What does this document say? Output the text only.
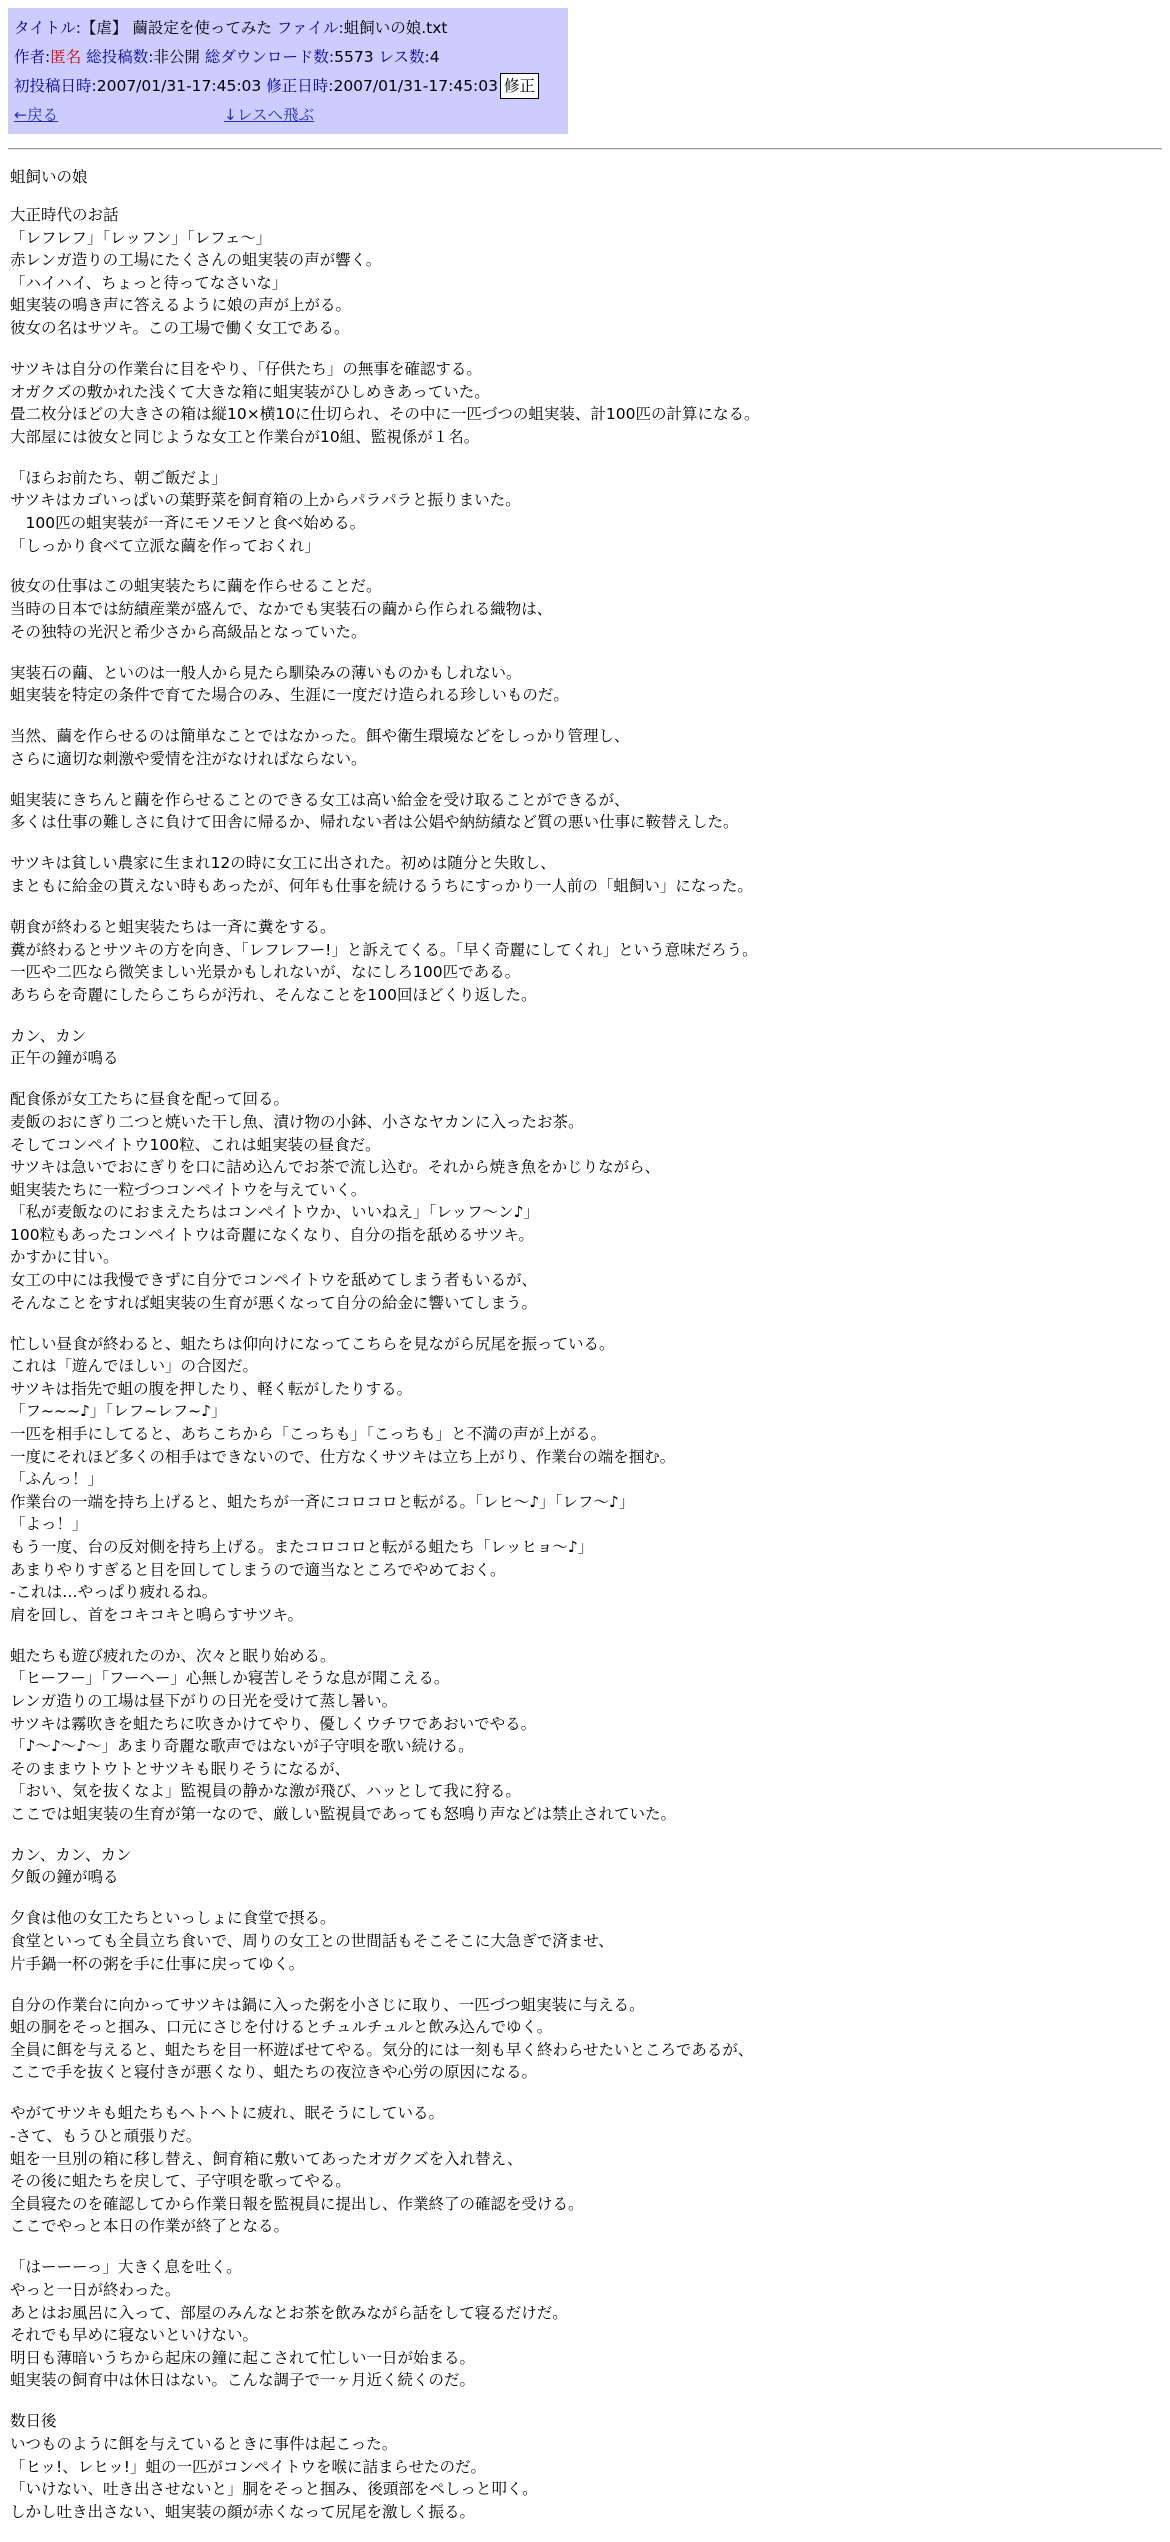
タイトル:【虐】 繭設定を使ってみた ファイル:蛆飼いの娘.txt
作者:匿名 総投稿数:非公開 総ダウンロード数:5573 レス数:4
初投稿日時:2007/01/31-17:45:03 修正日時:2007/01/31-17:45:03 修正
←戻る	↓レスへ飛ぶ
蛆飼いの娘
大正時代のお話
「レフレフ」「レッフン」「レフェ〜」
赤レンガ造りの工場にたくさんの蛆実装の声が響く。
「ハイハイ、ちょっと待ってなさいな」
蛆実装の鳴き声に答えるように娘の声が上がる。
彼女の名はサツキ。この工場で働く女工である。
サツキは自分の作業台に目をやり、「仔供たち」の無事を確認する。
オガクズの敷かれた浅くて大きな箱に蛆実装がひしめきあっていた。
畳二枚分ほどの大きさの箱は縦10×横10に仕切られ、その中に一匹づつの蛆実装、計100匹の計算になる。
大部屋には彼女と同じような女工と作業台が10組、監視係が１名。
「ほらお前たち、朝ご飯だよ」
サツキはカゴいっぱいの葉野菜を飼育箱の上からパラパラと振りまいた。
　100匹の蛆実装が一斉にモソモソと食べ始める。
「しっかり食べて立派な繭を作っておくれ」
彼女の仕事はこの蛆実装たちに繭を作らせることだ。
当時の日本では紡績産業が盛んで、なかでも実装石の繭から作られる織物は、
その独特の光沢と希少さから高級品となっていた。
実装石の繭、といのは一般人から見たら馴染みの薄いものかもしれない。
蛆実装を特定の条件で育てた場合のみ、生涯に一度だけ造られる珍しいものだ。
当然、繭を作らせるのは簡単なことではなかった。餌や衛生環境などをしっかり管理し、
さらに適切な刺激や愛情を注がなければならない。
蛆実装にきちんと繭を作らせることのできる女工は高い給金を受け取ることができるが、
多くは仕事の難しさに負けて田舎に帰るか、帰れない者は公娼や納紡績など質の悪い仕事に鞍替えした。
サツキは貧しい農家に生まれ12の時に女工に出された。初めは随分と失敗し、
まともに給金の貰えない時もあったが、何年も仕事を続けるうちにすっかり一人前の「蛆飼い」になった。
朝食が終わると蛆実装たちは一斉に糞をする。
糞が終わるとサツキの方を向き、「レフレフー!」と訴えてくる。「早く奇麗にしてくれ」という意味だろう。
一匹や二匹なら微笑ましい光景かもしれないが、なにしろ100匹である。
あちらを奇麗にしたらこちらが汚れ、そんなことを100回ほどくり返した。
カン、カン
正午の鐘が鳴る
配食係が女工たちに昼食を配って回る。
麦飯のおにぎり二つと焼いた干し魚、漬け物の小鉢、小さなヤカンに入ったお茶。
そしてコンペイトウ100粒、これは蛆実装の昼食だ。
サツキは急いでおにぎりを口に詰め込んでお茶で流し込む。それから焼き魚をかじりながら、
蛆実装たちに一粒づつコンペイトウを与えていく。
「私が麦飯なのにおまえたちはコンペイトウか、いいねえ」「レッフ〜ン♪」
100粒もあったコンペイトウは奇麗になくなり、自分の指を舐めるサツキ。
かすかに甘い。
女工の中には我慢できずに自分でコンペイトウを舐めてしまう者もいるが、
そんなことをすれば蛆実装の生育が悪くなって自分の給金に響いてしまう。
忙しい昼食が終わると、蛆たちは仰向けになってこちらを見ながら尻尾を振っている。
これは「遊んでほしい」の合図だ。
サツキは指先で蛆の腹を押したり、軽く転がしたりする。
「フ~~~♪」「レフ~レフ~♪」
一匹を相手にしてると、あちこちから「こっちも」「こっちも」と不満の声が上がる。
一度にそれほど多くの相手はできないので、仕方なくサツキは立ち上がり、作業台の端を掴む。
「ふんっ！」
作業台の一端を持ち上げると、蛆たちが一斉にコロコロと転がる。「レヒ〜♪」「レフ〜♪」
「よっ！」
もう一度、台の反対側を持ち上げる。またコロコロと転がる蛆たち「レッヒョ〜♪」
あまりやりすぎると目を回してしまうので適当なところでやめておく。
-これは…やっぱり疲れるね。
肩を回し、首をコキコキと鳴らすサツキ。
蛆たちも遊び疲れたのか、次々と眠り始める。
「ヒーフー」「フーヘー」心無しか寝苦しそうな息が聞こえる。
レンガ造りの工場は昼下がりの日光を受けて蒸し暑い。
サツキは霧吹きを蛆たちに吹きかけてやり、優しくウチワであおいでやる。
「♪〜♪〜♪〜」あまり奇麗な歌声ではないが子守唄を歌い続ける。
そのままウトウトとサツキも眠りそうになるが、
「おい、気を抜くなよ」監視員の静かな激が飛び、ハッとして我に狩る。
ここでは蛆実装の生育が第一なので、厳しい監視員であっても怒鳴り声などは禁止されていた。
カン、カン、カン
夕飯の鐘が鳴る
夕食は他の女工たちといっしょに食堂で摂る。
食堂といっても全員立ち食いで、周りの女工との世間話もそこそこに大急ぎで済ませ、
片手鍋一杯の粥を手に仕事に戻ってゆく。
自分の作業台に向かってサツキは鍋に入った粥を小さじに取り、一匹づつ蛆実装に与える。
蛆の胴をそっと掴み、口元にさじを付けるとチュルチュルと飲み込んでゆく。
全員に餌を与えると、蛆たちを目一杯遊ばせてやる。気分的には一刻も早く終わらせたいところであるが、
ここで手を抜くと寝付きが悪くなり、蛆たちの夜泣きや心労の原因になる。
やがてサツキも蛆たちもヘトヘトに疲れ、眠そうにしている。
-さて、もうひと頑張りだ。
蛆を一旦別の箱に移し替え、飼育箱に敷いてあったオガクズを入れ替え、
その後に蛆たちを戻して、子守唄を歌ってやる。
全員寝たのを確認してから作業日報を監視員に提出し、作業終了の確認を受ける。
ここでやっと本日の作業が終了となる。
「はーーーっ」大きく息を吐く。
やっと一日が終わった。
あとはお風呂に入って、部屋のみんなとお茶を飲みながら話をして寝るだけだ。
それでも早めに寝ないといけない。
明日も薄暗いうちから起床の鐘に起こされて忙しい一日が始まる。
蛆実装の飼育中は休日はない。こんな調子で一ヶ月近く続くのだ。
数日後
いつものように餌を与えているときに事件は起こった。
「ヒッ!、レヒッ!」蛆の一匹がコンペイトウを喉に詰まらせたのだ。
「いけない、吐き出させないと」胴をそっと掴み、後頭部をペしっと叩く。
しかし吐き出さない、蛆実装の顔が赤くなって尻尾を激しく振る。
